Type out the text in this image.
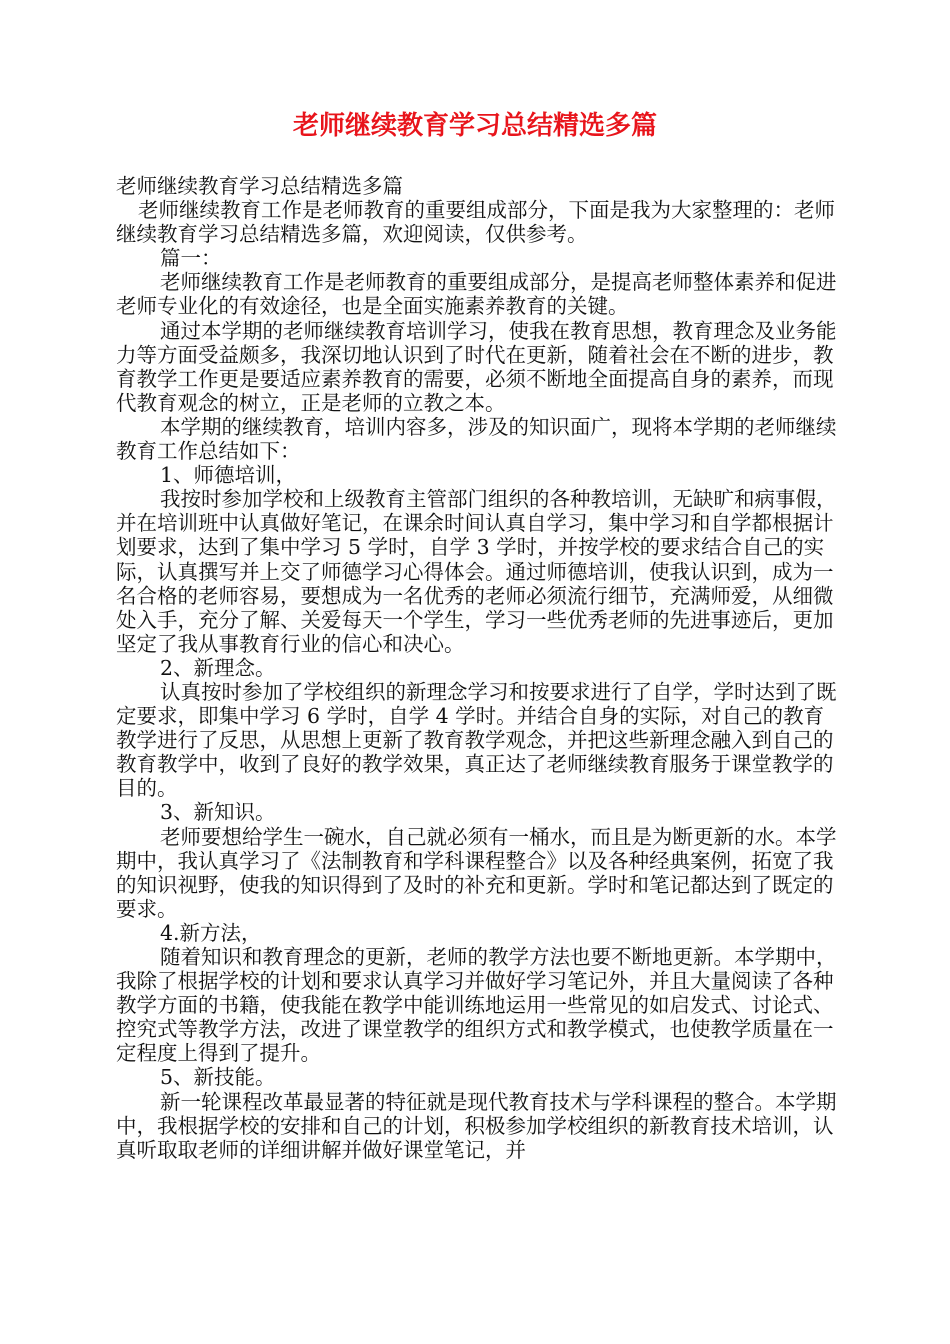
老师继续教育学习总结精选多篇

老师继续教育学习总结精选多篇

老师继续教育工作是老师教育的重要组成部分，下面是我为大家整理的：老师继续教育学习总结精选多篇，欢迎阅读，仅供参考。

篇一：

老师继续教育工作是老师教育的重要组成部分，是提高老师整体素养和促进老师专业化的有效途径，也是全面实施素养教育的关键。

通过本学期的老师继续教育培训学习，使我在教育思想，教育理念及业务能力等方面受益颇多，我深切地认识到了时代在更新，随着社会在不断的进步，教育教学工作更是要适应素养教育的需要，必须不断地全面提高自身的素养，而现代教育观念的树立，正是老师的立教之本。

本学期的继续教育，培训内容多，涉及的知识面广，现将本学期的老师继续教育工作总结如下：

1、师德培训，

我按时参加学校和上级教育主管部门组织的各种教培训，无缺旷和病事假，并在培训班中认真做好笔记，在课余时间认真自学习，集中学习和自学都根据计划要求，达到了集中学习 5 学时，自学 3 学时，并按学校的要求结合自己的实际，认真撰写并上交了师德学习心得体会。通过师德培训，使我认识到，成为一名合格的老师容易，要想成为一名优秀的老师必须流行细节，充满师爱，从细微处入手，充分了解、关爱每天一个学生，学习一些优秀老师的先进事迹后，更加坚定了我从事教育行业的信心和决心。

2、新理念。

认真按时参加了学校组织的新理念学习和按要求进行了自学，学时达到了既定要求，即集中学习 6 学时，自学 4 学时。并结合自身的实际，对自己的教育教学进行了反思，从思想上更新了教育教学观念，并把这些新理念融入到自己的教育教学中，收到了良好的教学效果，真正达了老师继续教育服务于课堂教学的目的。

3、新知识。

老师要想给学生一碗水，自己就必须有一桶水，而且是为断更新的水。本学期中，我认真学习了《法制教育和学科课程整合》以及各种经典案例，拓宽了我的知识视野，使我的知识得到了及时的补充和更新。学时和笔记都达到了既定的要求。

4.新方法，

随着知识和教育理念的更新，老师的教学方法也要不断地更新。本学期中，我除了根据学校的计划和要求认真学习并做好学习笔记外，并且大量阅读了各种教学方面的书籍，使我能在教学中能训练地运用一些常见的如启发式、讨论式、控究式等教学方法，改进了课堂教学的组织方式和教学模式，也使教学质量在一定程度上得到了提升。

5、新技能。

新一轮课程改革最显著的特征就是现代教育技术与学科课程的整合。本学期中，我根据学校的安排和自己的计划，积极参加学校组织的新教育技术培训，认真听取取老师的详细讲解并做好课堂笔记，并
